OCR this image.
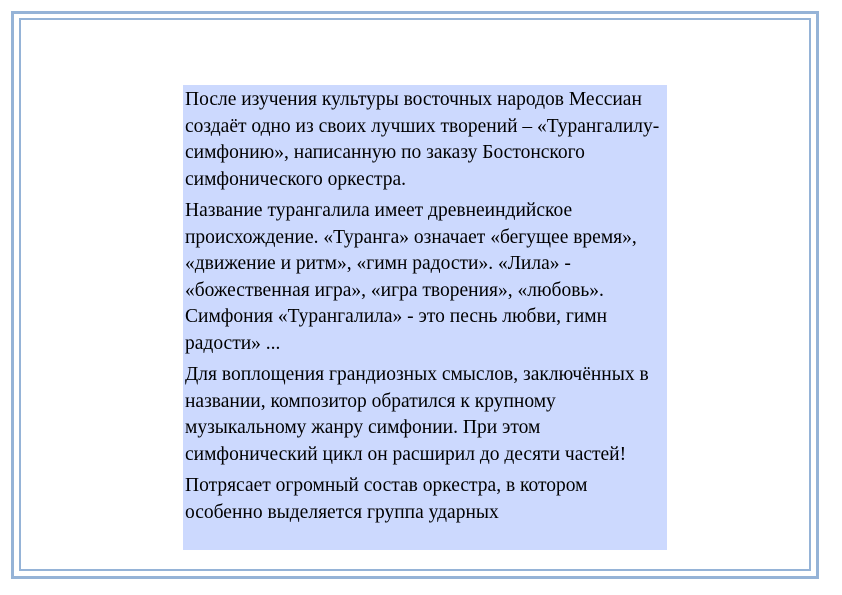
После изучения культуры восточных народов Мессиан создаёт одно из своих лучших творений – «Турангалилу-симфонию», написанную по заказу Бостонского симфонического оркестра.

Название турангалила имеет древнеиндийское происхождение. «Туранга» означает «бегущее время», «движение и ритм», «гимн радости». «Лила» - «божественная игра», «игра творения», «любовь». Симфония «Турангалила» - это песнь любви, гимн радости» ...

Для воплощения грандиозных смыслов, заключённых в названии, композитор обратился к крупному музыкальному жанру симфонии. При этом симфонический цикл он расширил до десяти частей!

Потрясает огромный состав оркестра, в котором особенно выделяется группа ударных
